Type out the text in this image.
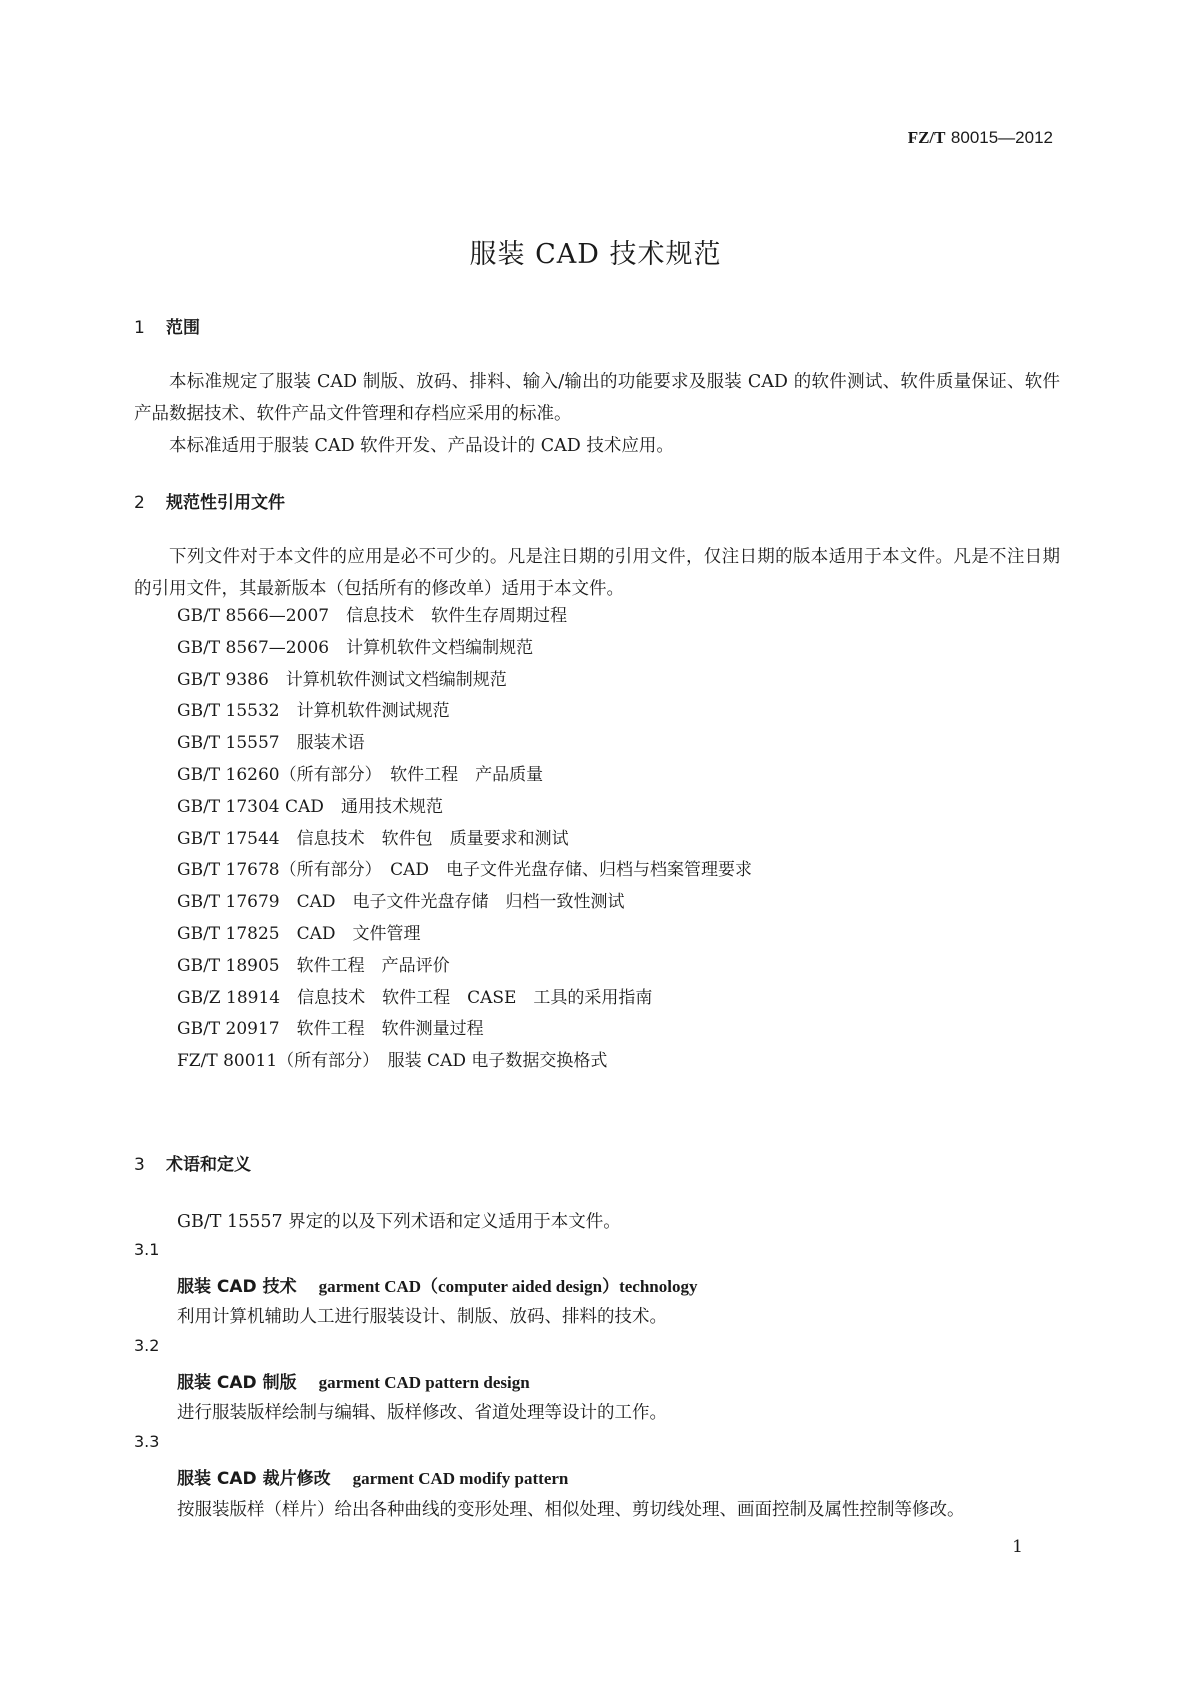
FZ/T 80015—2012
服装 CAD 技术规范
1 范围

本标准规定了服装 CAD 制版、放码、排料、输入/输出的功能要求及服装 CAD 的软件测试、软件质量保证、软件产品数据技术、软件产品文件管理和存档应采用的标准。

本标准适用于服装 CAD 软件开发、产品设计的 CAD 技术应用。

2 规范性引用文件

下列文件对于本文件的应用是必不可少的。凡是注日期的引用文件，仅注日期的版本适用于本文件。凡是不注日期的引用文件，其最新版本（包括所有的修改单）适用于本文件。

GB/T 8566—2007　信息技术　软件生存周期过程
GB/T 8567—2006　计算机软件文档编制规范
GB/T 9386　计算机软件测试文档编制规范
GB/T 15532　计算机软件测试规范
GB/T 15557　服装术语
GB/T 16260（所有部分）　软件工程　产品质量
GB/T 17304 CAD　通用技术规范
GB/T 17544　信息技术　软件包　质量要求和测试
GB/T 17678（所有部分）　CAD　电子文件光盘存储、归档与档案管理要求
GB/T 17679　CAD　电子文件光盘存储　归档一致性测试
GB/T 17825　CAD　文件管理
GB/T 18905　软件工程　产品评价
GB/Z 18914　信息技术　软件工程　CASE　工具的采用指南
GB/T 20917　软件工程　软件测量过程
FZ/T 80011（所有部分）　服装 CAD 电子数据交换格式
3 术语和定义
GB/T 15557 界定的以及下列术语和定义适用于本文件。
3.1
服装 CAD 技术 garment CAD（computer aided design）technology
利用计算机辅助人工进行服装设计、制版、放码、排料的技术。
3.2
服装 CAD 制版 garment CAD pattern design
进行服装版样绘制与编辑、版样修改、省道处理等设计的工作。
3.3
服装 CAD 裁片修改 garment CAD modify pattern
按服装版样（样片）给出各种曲线的变形处理、相似处理、剪切线处理、画面控制及属性控制等修改。
1
